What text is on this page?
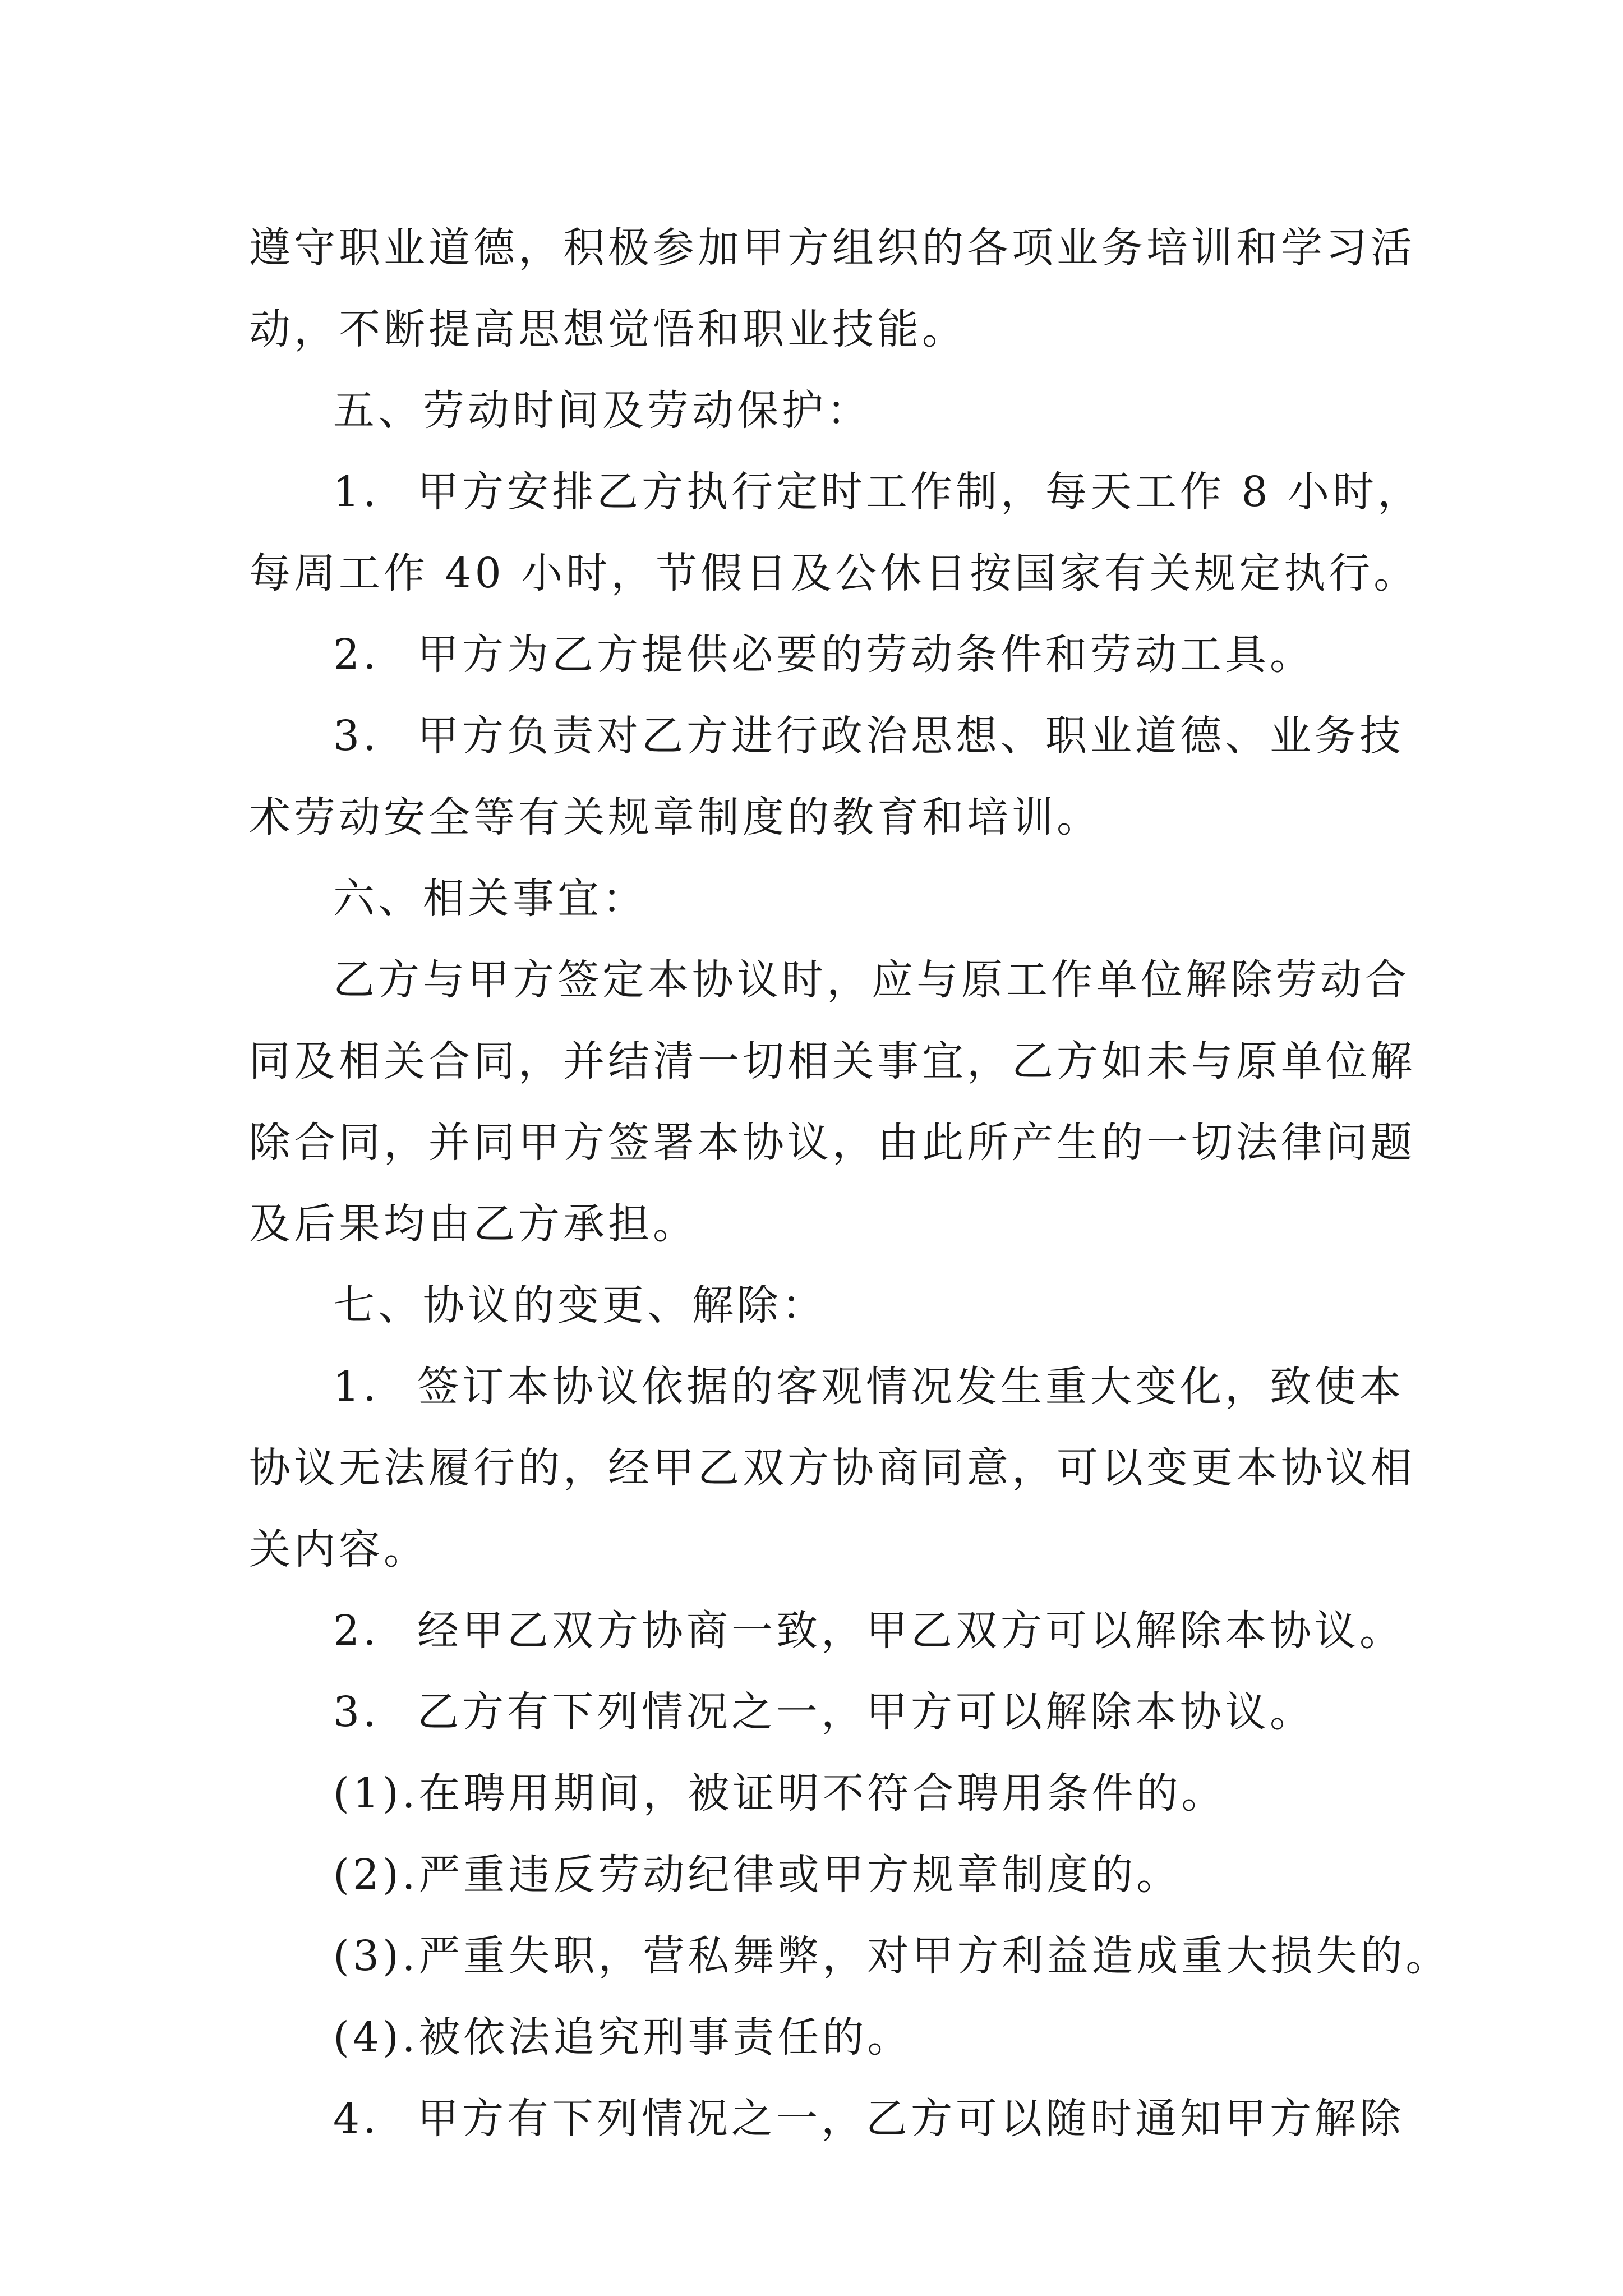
遵守职业道德，积极参加甲方组织的各项业务培训和学习活
动，不断提高思想觉悟和职业技能。
五、劳动时间及劳动保护：
1. 甲方安排乙方执行定时工作制，每天工作 8 小时，
每周工作 40 小时，节假日及公休日按国家有关规定执行。
2. 甲方为乙方提供必要的劳动条件和劳动工具。
3. 甲方负责对乙方进行政治思想、职业道德、业务技
术劳动安全等有关规章制度的教育和培训。
六、相关事宜：
乙方与甲方签定本协议时，应与原工作单位解除劳动合
同及相关合同，并结清一切相关事宜，乙方如未与原单位解
除合同，并同甲方签署本协议，由此所产生的一切法律问题
及后果均由乙方承担。
七、协议的变更、解除：
1. 签订本协议依据的客观情况发生重大变化，致使本
协议无法履行的，经甲乙双方协商同意，可以变更本协议相
关内容。
2. 经甲乙双方协商一致，甲乙双方可以解除本协议。
3. 乙方有下列情况之一，甲方可以解除本协议。
(1).在聘用期间，被证明不符合聘用条件的。
(2).严重违反劳动纪律或甲方规章制度的。
(3).严重失职，营私舞弊，对甲方利益造成重大损失的。
(4).被依法追究刑事责任的。
4. 甲方有下列情况之一，乙方可以随时通知甲方解除
